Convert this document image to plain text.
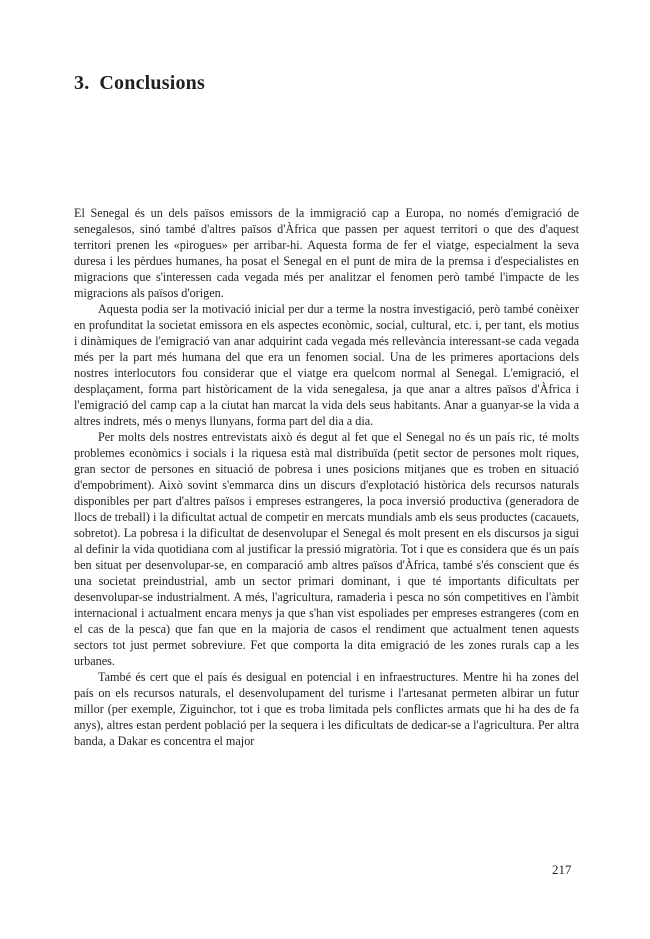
3. Conclusions

El Senegal és un dels països emissors de la immigració cap a Europa, no només d'emigració de senegalesos, sinó també d'altres països d'Àfrica que passen per aquest territori o que des d'aquest territori prenen les «pirogues» per arribar-hi. Aquesta forma de fer el viatge, especialment la seva duresa i les pèrdues humanes, ha posat el Senegal en el punt de mira de la premsa i d'especialistes en migracions que s'interessen cada vegada més per analitzar el fenomen però també l'impacte de les migracions als països d'origen.

Aquesta podia ser la motivació inicial per dur a terme la nostra investigació, però també conèixer en profunditat la societat emissora en els aspectes econòmic, social, cultural, etc. i, per tant, els motius i dinàmiques de l'emigració van anar adquirint cada vegada més rellevància interessant-se cada vegada més per la part més humana del que era un fenomen social. Una de les primeres aportacions dels nostres interlocutors fou considerar que el viatge era quelcom normal al Senegal. L'emigració, el desplaçament, forma part històricament de la vida senegalesa, ja que anar a altres països d'Àfrica i l'emigració del camp cap a la ciutat han marcat la vida dels seus habitants. Anar a guanyar-se la vida a altres indrets, més o menys llunyans, forma part del dia a dia.

Per molts dels nostres entrevistats això és degut al fet que el Senegal no és un país ric, té molts problemes econòmics i socials i la riquesa està mal distribuïda (petit sector de persones molt riques, gran sector de persones en situació de pobresa i unes posicions mitjanes que es troben en situació d'empobriment). Això sovint s'emmarca dins un discurs d'explotació històrica dels recursos naturals disponibles per part d'altres països i empreses estrangeres, la poca inversió productiva (generadora de llocs de treball) i la dificultat actual de competir en mercats mundials amb els seus productes (cacauets, sobretot). La pobresa i la dificultat de desenvolupar el Senegal és molt present en els discursos ja sigui al definir la vida quotidiana com al justificar la pressió migratòria. Tot i que es considera que és un país ben situat per desenvolupar-se, en comparació amb altres països d'Àfrica, també s'és conscient que és una societat preindustrial, amb un sector primari dominant, i que té importants dificultats per desenvolupar-se industrialment. A més, l'agricultura, ramaderia i pesca no són competitives en l'àmbit internacional i actualment encara menys ja que s'han vist espoliades per empreses estrangeres (com en el cas de la pesca) que fan que en la majoria de casos el rendiment que actualment tenen aquests sectors tot just permet sobreviure. Fet que comporta la dita emigració de les zones rurals cap a les urbanes.

També és cert que el país és desigual en potencial i en infraestructures. Mentre hi ha zones del país on els recursos naturals, el desenvolupament del turisme i l'artesanat permeten albirar un futur millor (per exemple, Ziguinchor, tot i que es troba limitada pels conflictes armats que hi ha des de fa anys), altres estan perdent població per la sequera i les dificultats de dedicar-se a l'agricultura. Per altra banda, a Dakar es concentra el major

217
